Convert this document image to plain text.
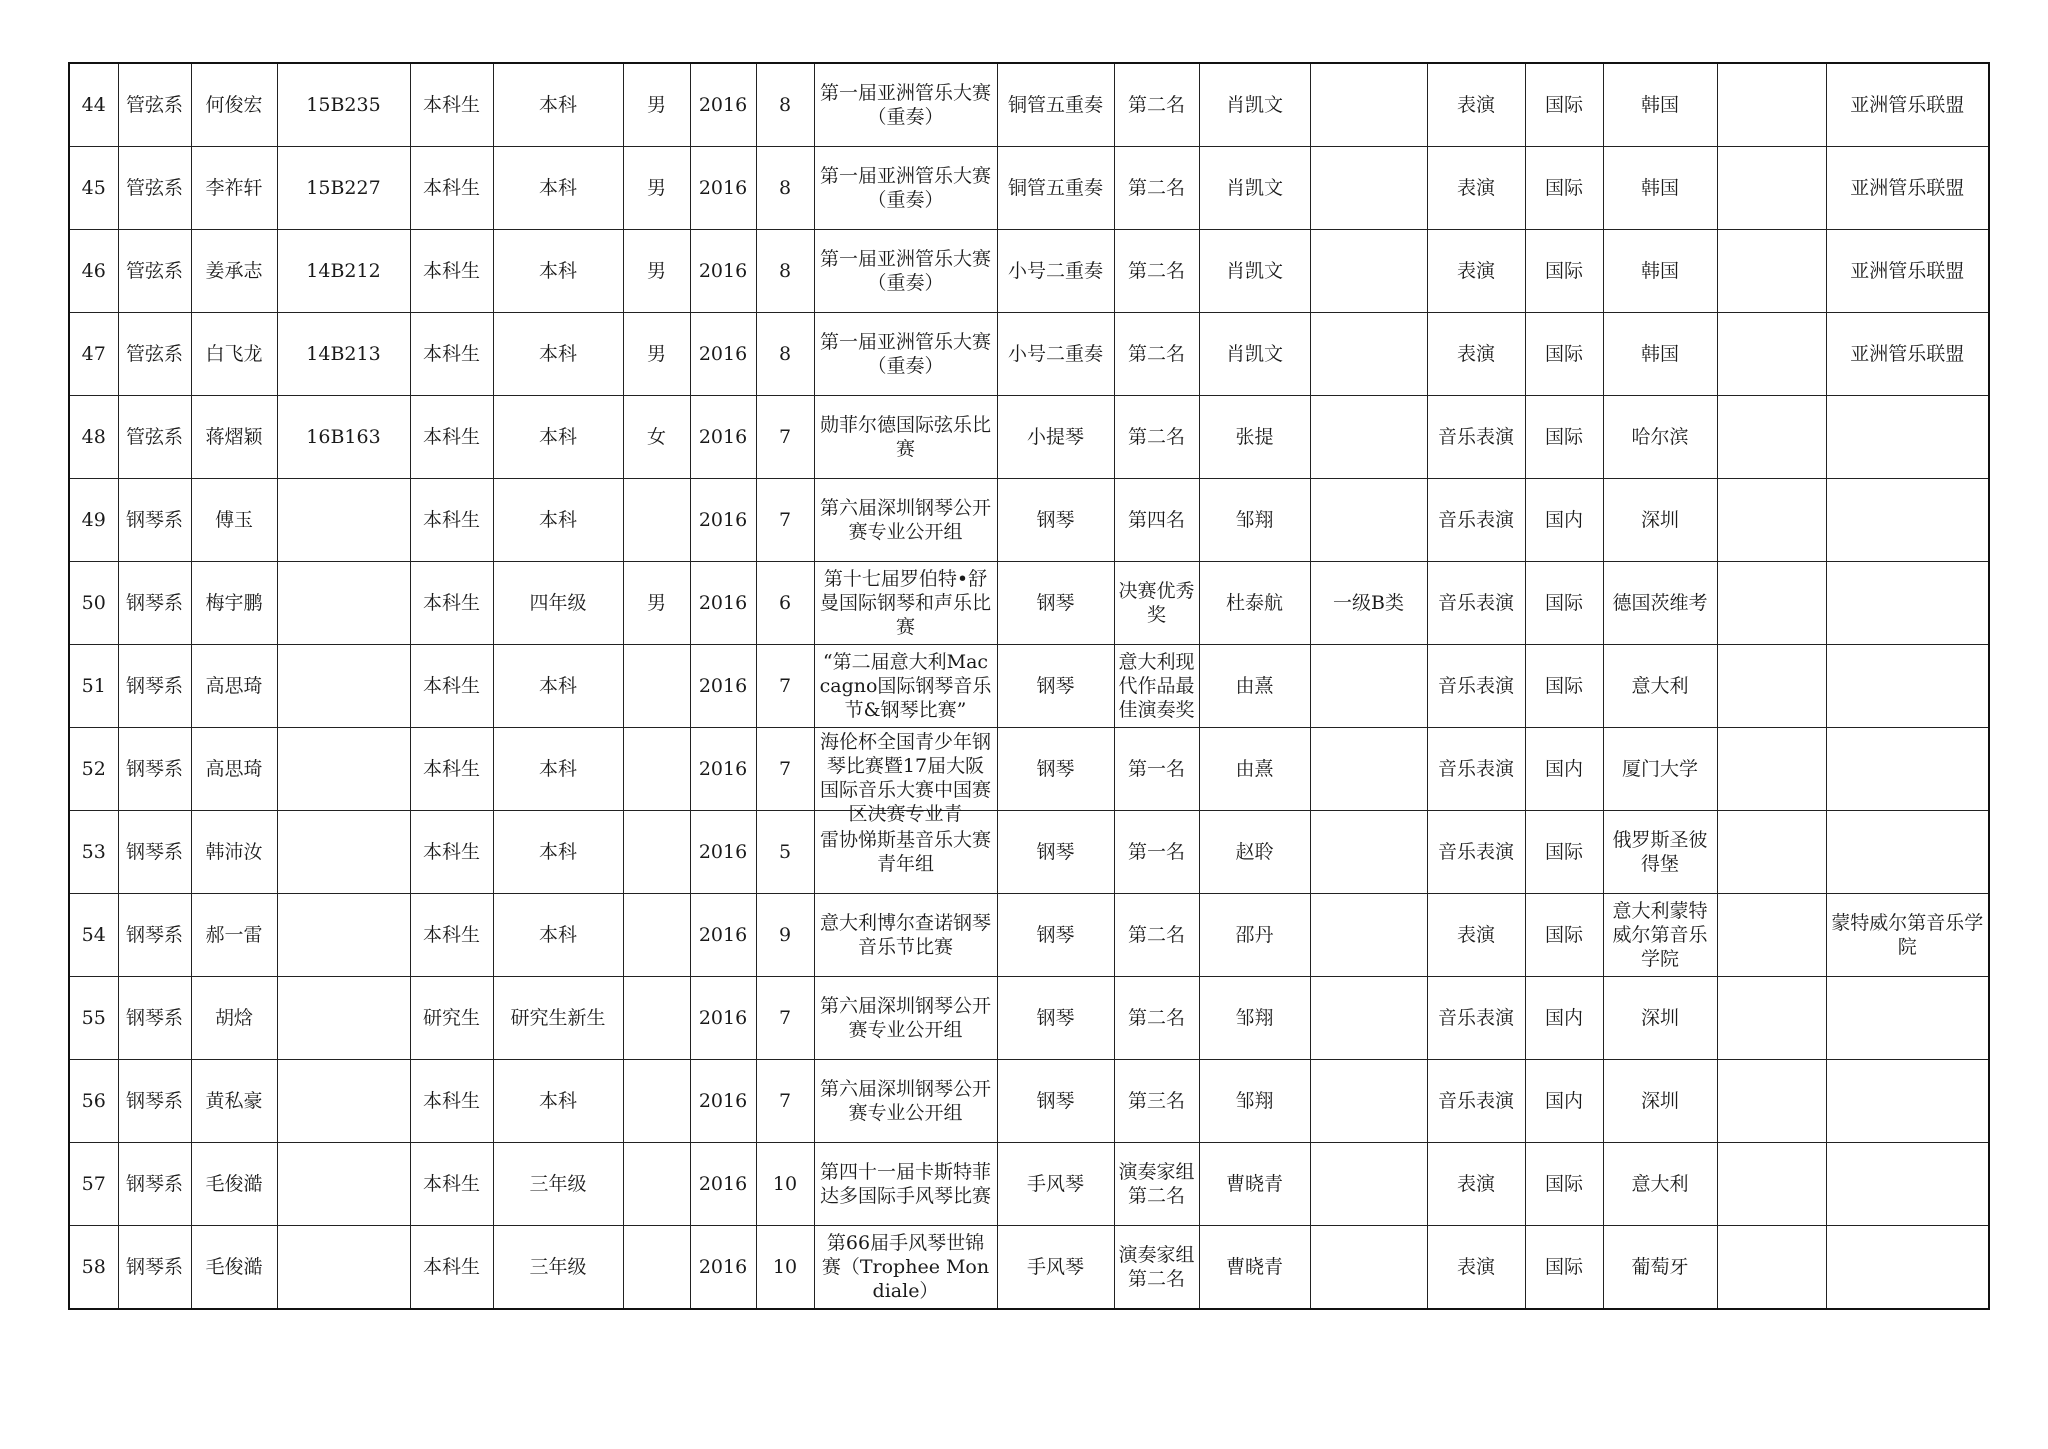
44	管弦系	何俊宏	15B235	本科生	本科	男	2016	8	第一届亚洲管乐大赛（重奏）	铜管五重奏	第二名	肖凯文		表演	国际	韩国		亚洲管乐联盟

45	管弦系	李祚轩	15B227	本科生	本科	男	2016	8	第一届亚洲管乐大赛（重奏）	铜管五重奏	第二名	肖凯文		表演	国际	韩国		亚洲管乐联盟

46	管弦系	姜承志	14B212	本科生	本科	男	2016	8	第一届亚洲管乐大赛（重奏）	小号二重奏	第二名	肖凯文		表演	国际	韩国		亚洲管乐联盟

47	管弦系	白飞龙	14B213	本科生	本科	男	2016	8	第一届亚洲管乐大赛（重奏）	小号二重奏	第二名	肖凯文		表演	国际	韩国		亚洲管乐联盟

48	管弦系	蒋熠颖	16B163	本科生	本科	女	2016	7	勋菲尔德国际弦乐比赛	小提琴	第二名	张提		音乐表演	国际	哈尔滨		

49	钢琴系	傅玉		本科生	本科		2016	7	第六届深圳钢琴公开赛专业公开组	钢琴	第四名	邹翔		音乐表演	国内	深圳		

50	钢琴系	梅宇鹏		本科生	四年级	男	2016	6	第十七届罗伯特•舒曼国际钢琴和声乐比赛	钢琴	决赛优秀奖	杜泰航	一级B类	音乐表演	国际	德国茨维考		

51	钢琴系	高思琦		本科生	本科		2016	7	“第二届意大利Maccagno国际钢琴音乐节&钢琴比赛”	钢琴	意大利现代作品最佳演奏奖	由熹		音乐表演	国际	意大利		

52	钢琴系	高思琦		本科生	本科		2016	7	海伦杯全国青少年钢琴比赛暨17届大阪国际音乐大赛中国赛区决赛专业青	钢琴	第一名	由熹		音乐表演	国内	厦门大学		

53	钢琴系	韩沛汝		本科生	本科		2016	5	雷协悌斯基音乐大赛青年组	钢琴	第一名	赵聆		音乐表演	国际	俄罗斯圣彼得堡		

54	钢琴系	郝一雷		本科生	本科		2016	9	意大利博尔查诺钢琴音乐节比赛	钢琴	第二名	邵丹		表演	国际	意大利蒙特威尔第音乐学院		蒙特威尔第音乐学院

55	钢琴系	胡焓		研究生	研究生新生		2016	7	第六届深圳钢琴公开赛专业公开组	钢琴	第二名	邹翔		音乐表演	国内	深圳		

56	钢琴系	黄私豪		本科生	本科		2016	7	第六届深圳钢琴公开赛专业公开组	钢琴	第三名	邹翔		音乐表演	国内	深圳		

57	钢琴系	毛俊澔		本科生	三年级		2016	10	第四十一届卡斯特菲达多国际手风琴比赛	手风琴	演奏家组第二名	曹晓青		表演	国际	意大利		

58	钢琴系	毛俊澔		本科生	三年级		2016	10	第66届手风琴世锦赛（Trophee Mondiale）	手风琴	演奏家组第二名	曹晓青		表演	国际	葡萄牙		
